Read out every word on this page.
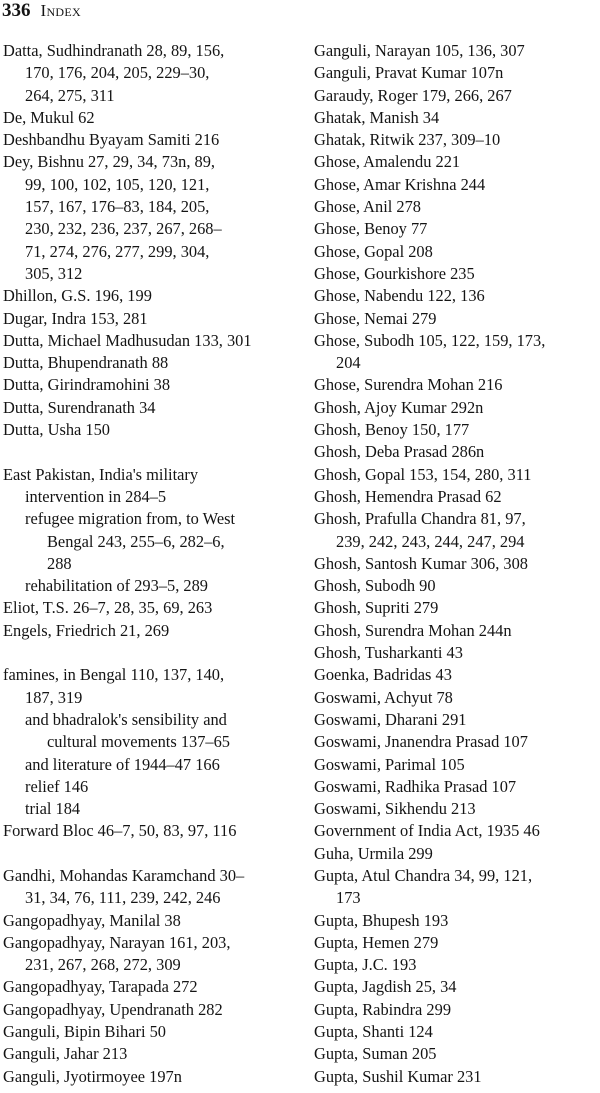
336 Index
Datta, Sudhindranath 28, 89, 156,
170, 176, 204, 205, 229–30,
264, 275, 311
De, Mukul 62
Deshbandhu Byayam Samiti 216
Dey, Bishnu 27, 29, 34, 73n, 89,
99, 100, 102, 105, 120, 121,
157, 167, 176–83, 184, 205,
230, 232, 236, 237, 267, 268–
71, 274, 276, 277, 299, 304,
305, 312
Dhillon, G.S. 196, 199
Dugar, Indra 153, 281
Dutta, Michael Madhusudan 133, 301
Dutta, Bhupendranath 88
Dutta, Girindramohini 38
Dutta, Surendranath 34
Dutta, Usha 150
East Pakistan, India's military
intervention in 284–5
refugee migration from, to West
Bengal 243, 255–6, 282–6,
288
rehabilitation of 293–5, 289
Eliot, T.S. 26–7, 28, 35, 69, 263
Engels, Friedrich 21, 269
famines, in Bengal 110, 137, 140,
187, 319
and bhadralok's sensibility and
cultural movements 137–65
and literature of 1944–47 166
relief 146
trial 184
Forward Bloc 46–7, 50, 83, 97, 116
Gandhi, Mohandas Karamchand 30–
31, 34, 76, 111, 239, 242, 246
Gangopadhyay, Manilal 38
Gangopadhyay, Narayan 161, 203,
231, 267, 268, 272, 309
Gangopadhyay, Tarapada 272
Gangopadhyay, Upendranath 282
Ganguli, Bipin Bihari 50
Ganguli, Jahar 213
Ganguli, Jyotirmoyee 197n
Ganguli, Narayan 105, 136, 307
Ganguli, Pravat Kumar 107n
Garaudy, Roger 179, 266, 267
Ghatak, Manish 34
Ghatak, Ritwik 237, 309–10
Ghose, Amalendu 221
Ghose, Amar Krishna 244
Ghose, Anil 278
Ghose, Benoy 77
Ghose, Gopal 208
Ghose, Gourkishore 235
Ghose, Nabendu 122, 136
Ghose, Nemai 279
Ghose, Subodh 105, 122, 159, 173,
204
Ghose, Surendra Mohan 216
Ghosh, Ajoy Kumar 292n
Ghosh, Benoy 150, 177
Ghosh, Deba Prasad 286n
Ghosh, Gopal 153, 154, 280, 311
Ghosh, Hemendra Prasad 62
Ghosh, Prafulla Chandra 81, 97,
239, 242, 243, 244, 247, 294
Ghosh, Santosh Kumar 306, 308
Ghosh, Subodh 90
Ghosh, Supriti 279
Ghosh, Surendra Mohan 244n
Ghosh, Tusharkanti 43
Goenka, Badridas 43
Goswami, Achyut 78
Goswami, Dharani 291
Goswami, Jnanendra Prasad 107
Goswami, Parimal 105
Goswami, Radhika Prasad 107
Goswami, Sikhendu 213
Government of India Act, 1935 46
Guha, Urmila 299
Gupta, Atul Chandra 34, 99, 121,
173
Gupta, Bhupesh 193
Gupta, Hemen 279
Gupta, J.C. 193
Gupta, Jagdish 25, 34
Gupta, Rabindra 299
Gupta, Shanti 124
Gupta, Suman 205
Gupta, Sushil Kumar 231
